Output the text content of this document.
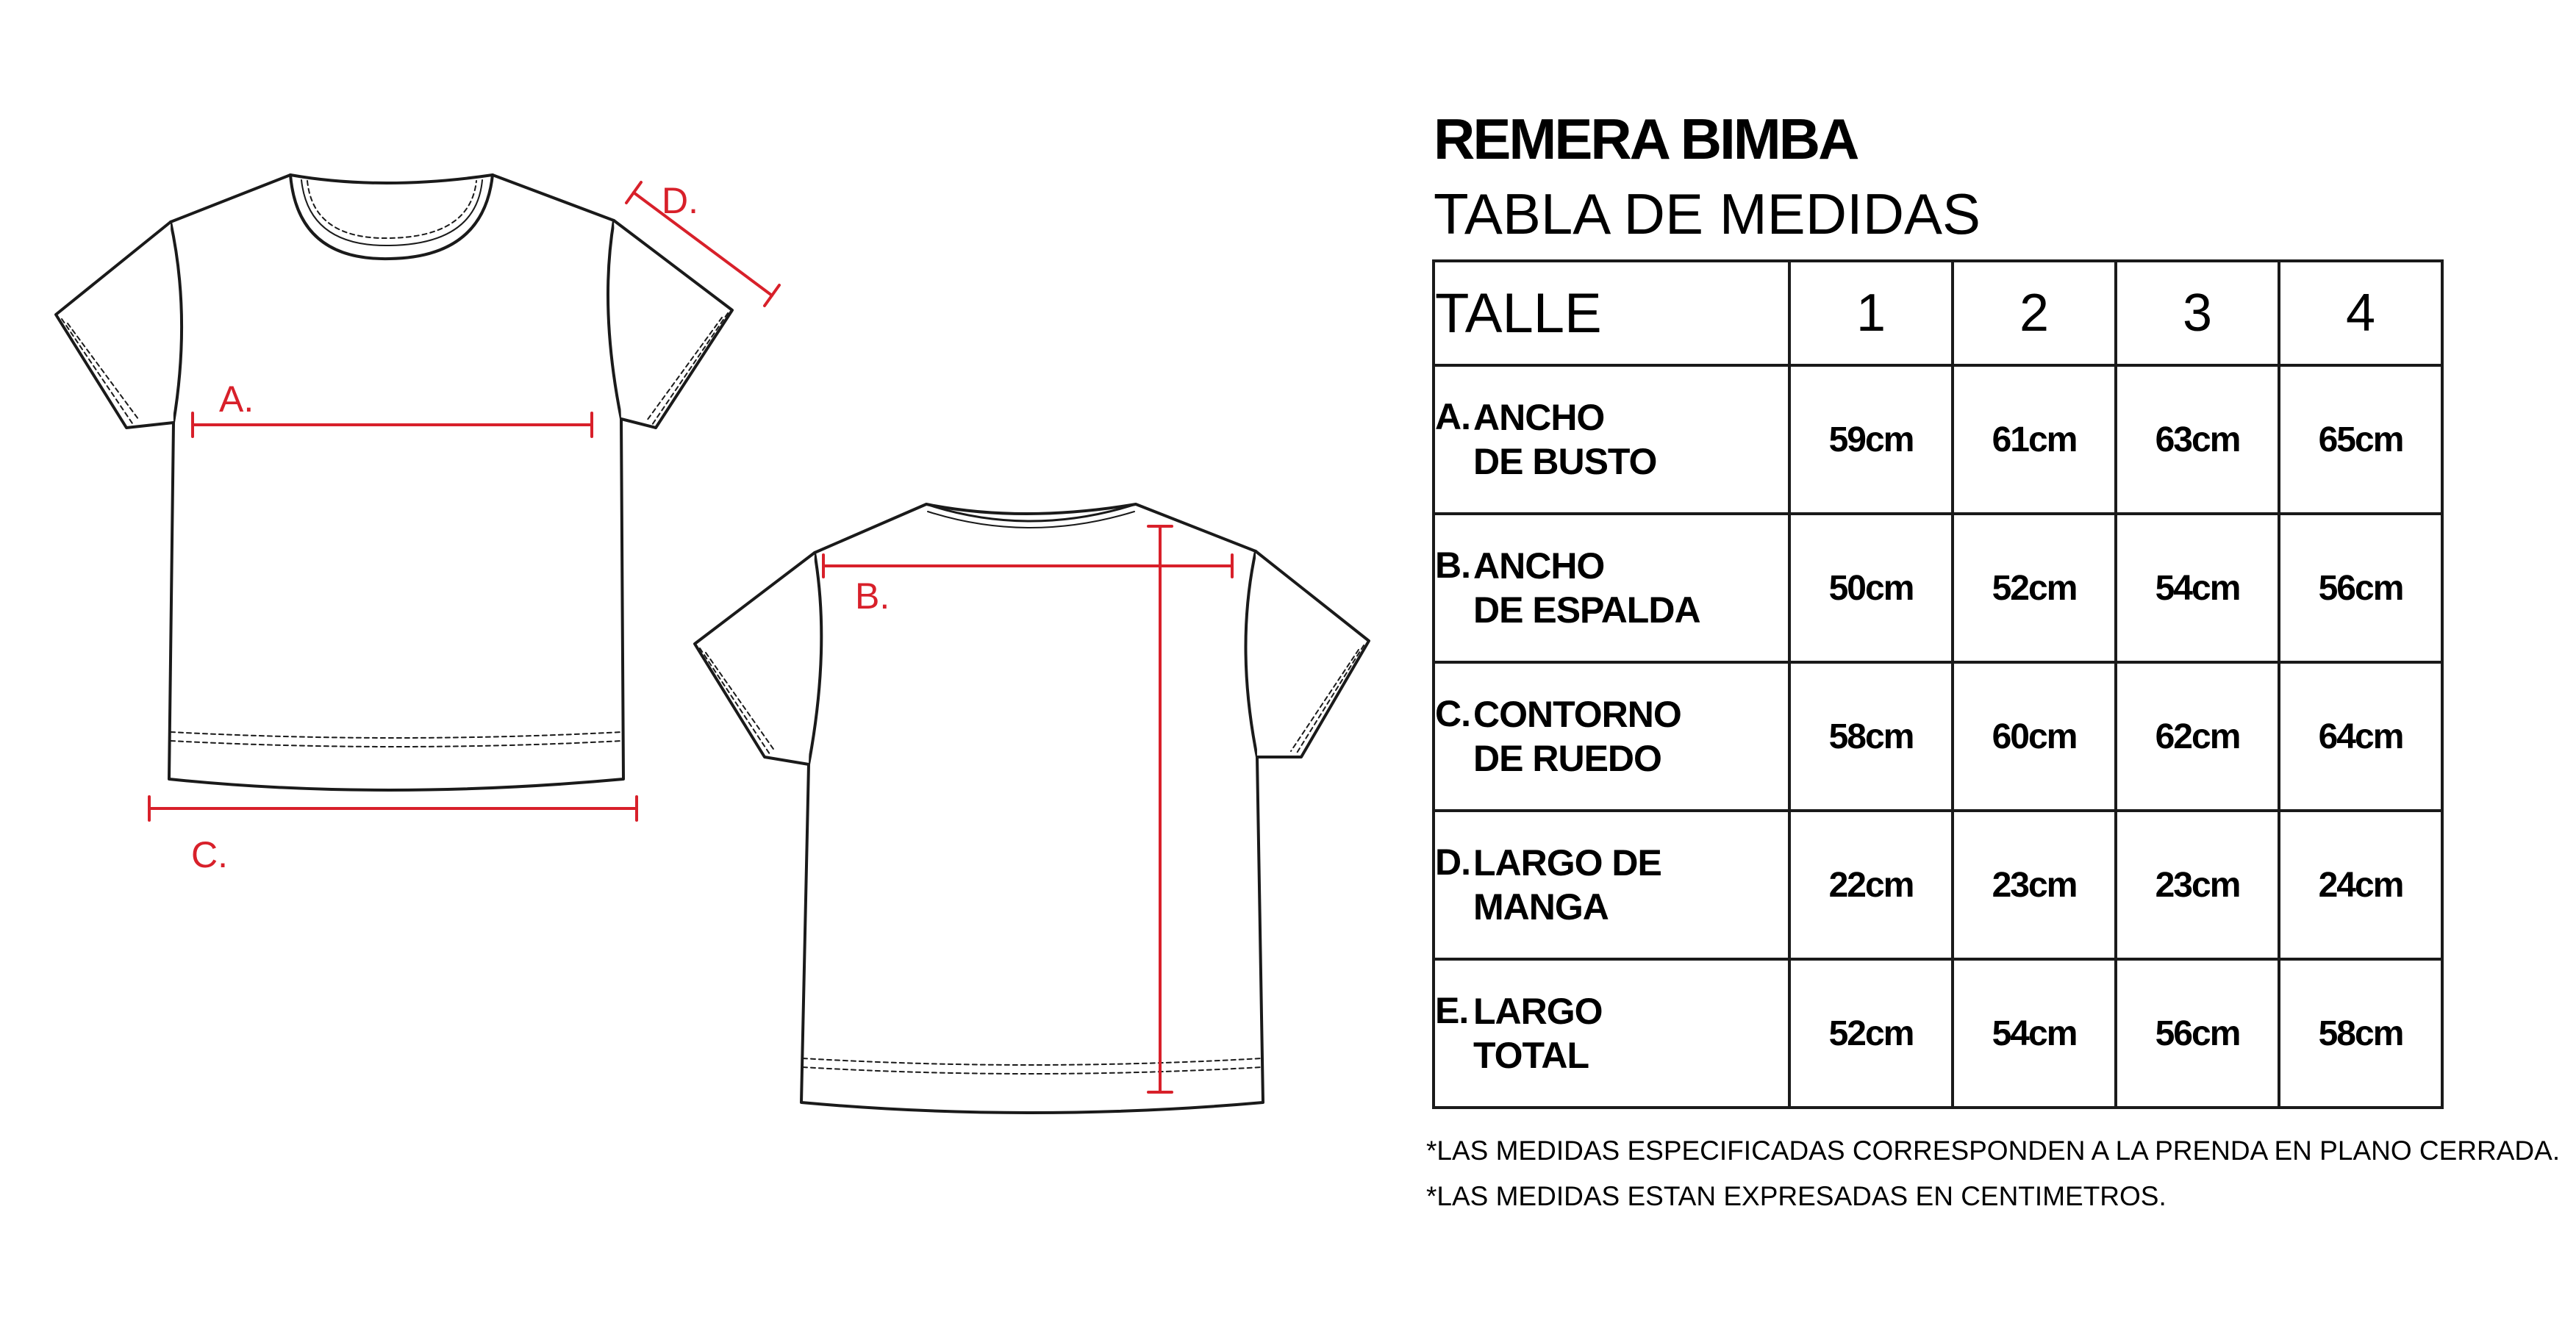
A.
B.
C.
D.
REMERA BIMBA
TABLA DE MEDIDAS
TALLE	1	2	3	4

A. ANCHO
DE BUSTO	59cm	61cm	63cm	65cm

B. ANCHO
DE ESPALDA	50cm	52cm	54cm	56cm

C. CONTORNO
DE RUEDO	58cm	60cm	62cm	64cm

D. LARGO DE
MANGA	22cm	23cm	23cm	24cm

E. LARGO
TOTAL	52cm	54cm	56cm	58cm

*LAS MEDIDAS ESPECIFICADAS CORRESPONDEN A LA PRENDA EN PLANO CERRADA.

*LAS MEDIDAS ESTAN EXPRESADAS EN CENTIMETROS.
